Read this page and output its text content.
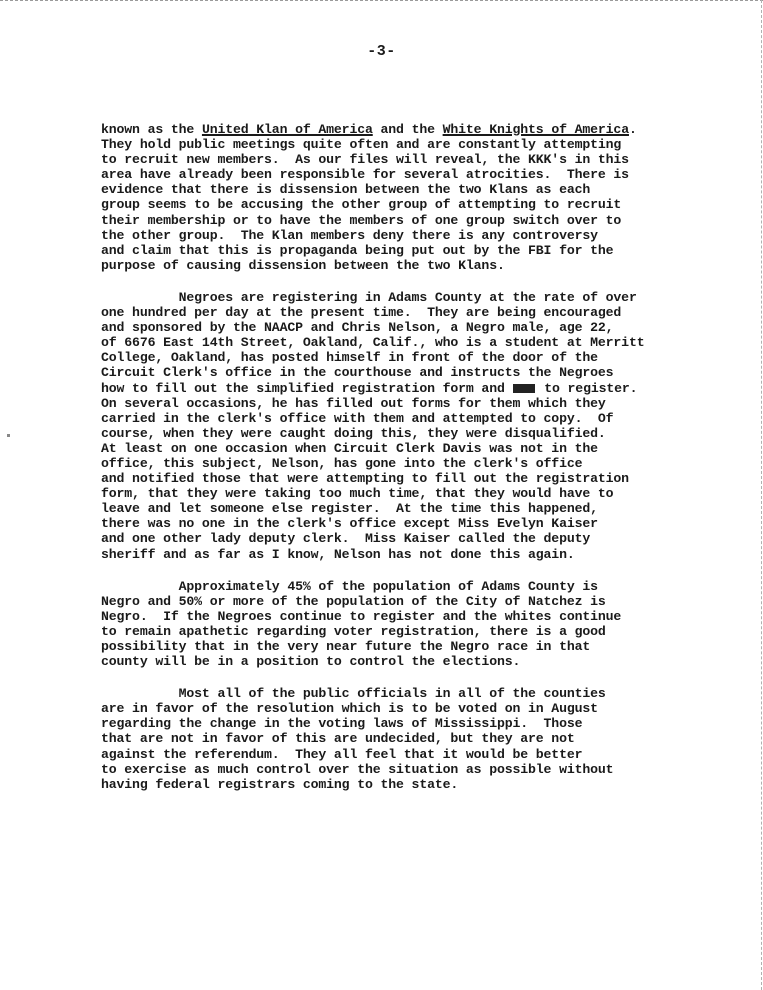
-3-
known as the United Klan of America and the White Knights of America.
They hold public meetings quite often and are constantly attempting
to recruit new members.  As our files will reveal, the KKK's in this
area have already been responsible for several atrocities.  There is
evidence that there is dissension between the two Klans as each
group seems to be accusing the other group of attempting to recruit
their membership or to have the members of one group switch over to
the other group.  The Klan members deny there is any controversy
and claim that this is propaganda being put out by the FBI for the
purpose of causing dissension between the two Klans.
Negroes are registering in Adams County at the rate of over
one hundred per day at the present time.  They are being encouraged
and sponsored by the NAACP and Chris Nelson, a Negro male, age 22,
of 6676 East 14th Street, Oakland, Calif., who is a student at Merritt
College, Oakland, has posted himself in front of the door of the
Circuit Clerk's office in the courthouse and instructs the Negroes
how to fill out the simplified registration form and  to register.
On several occasions, he has filled out forms for them which they
carried in the clerk's office with them and attempted to copy.  Of
course, when they were caught doing this, they were disqualified.
At least on one occasion when Circuit Clerk Davis was not in the
office, this subject, Nelson, has gone into the clerk's office
and notified those that were attempting to fill out the registration
form, that they were taking too much time, that they would have to
leave and let someone else register.  At the time this happened,
there was no one in the clerk's office except Miss Evelyn Kaiser
and one other lady deputy clerk.  Miss Kaiser called the deputy
sheriff and as far as I know, Nelson has not done this again.
Approximately 45% of the population of Adams County is
Negro and 50% or more of the population of the City of Natchez is
Negro.  If the Negroes continue to register and the whites continue
to remain apathetic regarding voter registration, there is a good
possibility that in the very near future the Negro race in that
county will be in a position to control the elections.
Most all of the public officials in all of the counties
are in favor of the resolution which is to be voted on in August
regarding the change in the voting laws of Mississippi.  Those
that are not in favor of this are undecided, but they are not
against the referendum.  They all feel that it would be better
to exercise as much control over the situation as possible without
having federal registrars coming to the state.
